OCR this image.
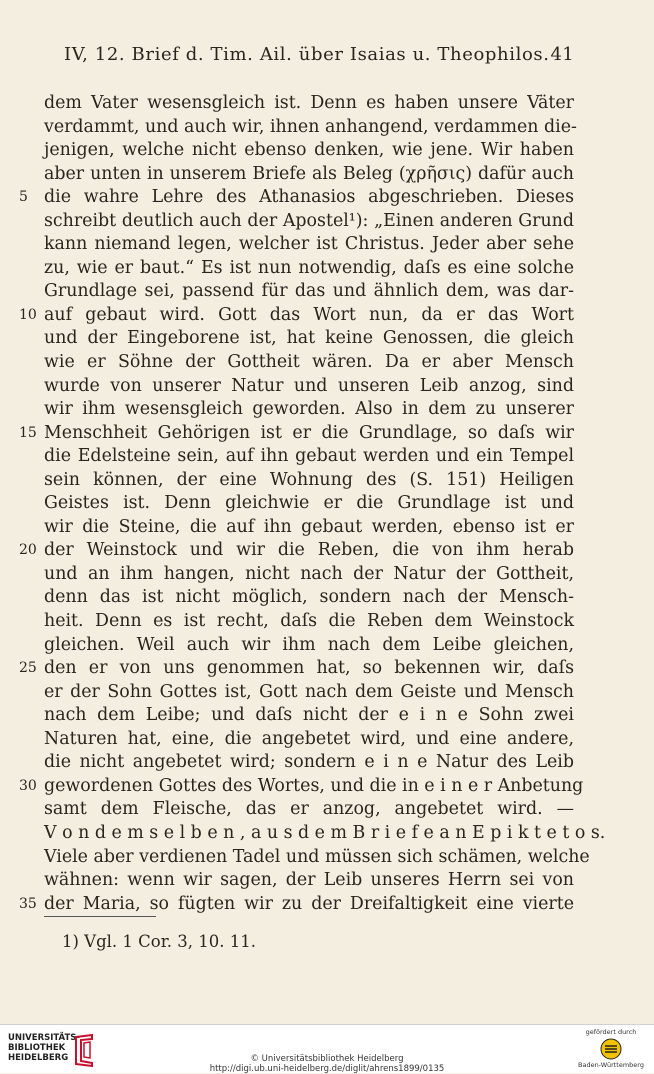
IV, 12. Brief d. Tim. Ail. über Isaias u. Theophilos. 41
dem Vater wesensgleich ist. Denn es haben unsere Väter
verdammt, und auch wir, ihnen anhangend, verdammen die-
jenigen, welche nicht ebenso denken, wie jene. Wir haben
aber unten in unserem Briefe als Beleg (χρῆσις) dafür auch
5 die wahre Lehre des Athanasios abgeschrieben. Dieses
schreibt deutlich auch der Apostel¹): „Einen anderen Grund
kann niemand legen, welcher ist Christus. Jeder aber sehe
zu, wie er baut.“ Es ist nun notwendig, daſs es eine solche
Grundlage sei, passend für das und ähnlich dem, was dar-
10 auf gebaut wird. Gott das Wort nun, da er das Wort
und der Eingeborene ist, hat keine Genossen, die gleich
wie er Söhne der Gottheit wären. Da er aber Mensch
wurde von unserer Natur und unseren Leib anzog, sind
wir ihm wesensgleich geworden. Also in dem zu unserer
15 Menschheit Gehörigen ist er die Grundlage, so daſs wir
die Edelsteine sein, auf ihn gebaut werden und ein Tempel
sein können, der eine Wohnung des (S. 151) Heiligen
Geistes ist. Denn gleichwie er die Grundlage ist und
wir die Steine, die auf ihn gebaut werden, ebenso ist er
20 der Weinstock und wir die Reben, die von ihm herab
und an ihm hangen, nicht nach der Natur der Gottheit,
denn das ist nicht möglich, sondern nach der Mensch-
heit. Denn es ist recht, daſs die Reben dem Weinstock
gleichen. Weil auch wir ihm nach dem Leibe gleichen,
25 den er von uns genommen hat, so bekennen wir, daſs
er der Sohn Gottes ist, Gott nach dem Geiste und Mensch
nach dem Leibe; und daſs nicht der e i n e Sohn zwei
Naturen hat, eine, die angebetet wird, und eine andere,
die nicht angebetet wird; sondern e i n e Natur des Leib
30 gewordenen Gottes des Wortes, und die in e i n e r Anbetung
samt dem Fleische, das er anzog, angebetet wird. —
V o n d e m s e l b e n , a u s d e m B r i e f e a n E p i k t e t o s.
Viele aber verdienen Tadel und müssen sich schämen, welche
wähnen: wenn wir sagen, der Leib unseres Herrn sei von
35 der Maria, so fügten wir zu der Dreifaltigkeit eine vierte
1) Vgl. 1 Cor. 3, 10. 11.
UNIVERSITÄTS-
BIBLIOTHEK
HEIDELBERG	© Universitätsbibliothek Heidelberg
http://digi.ub.uni-heidelberg.de/diglit/ahrens1899/0135
gefördert durch
Baden-Württemberg
